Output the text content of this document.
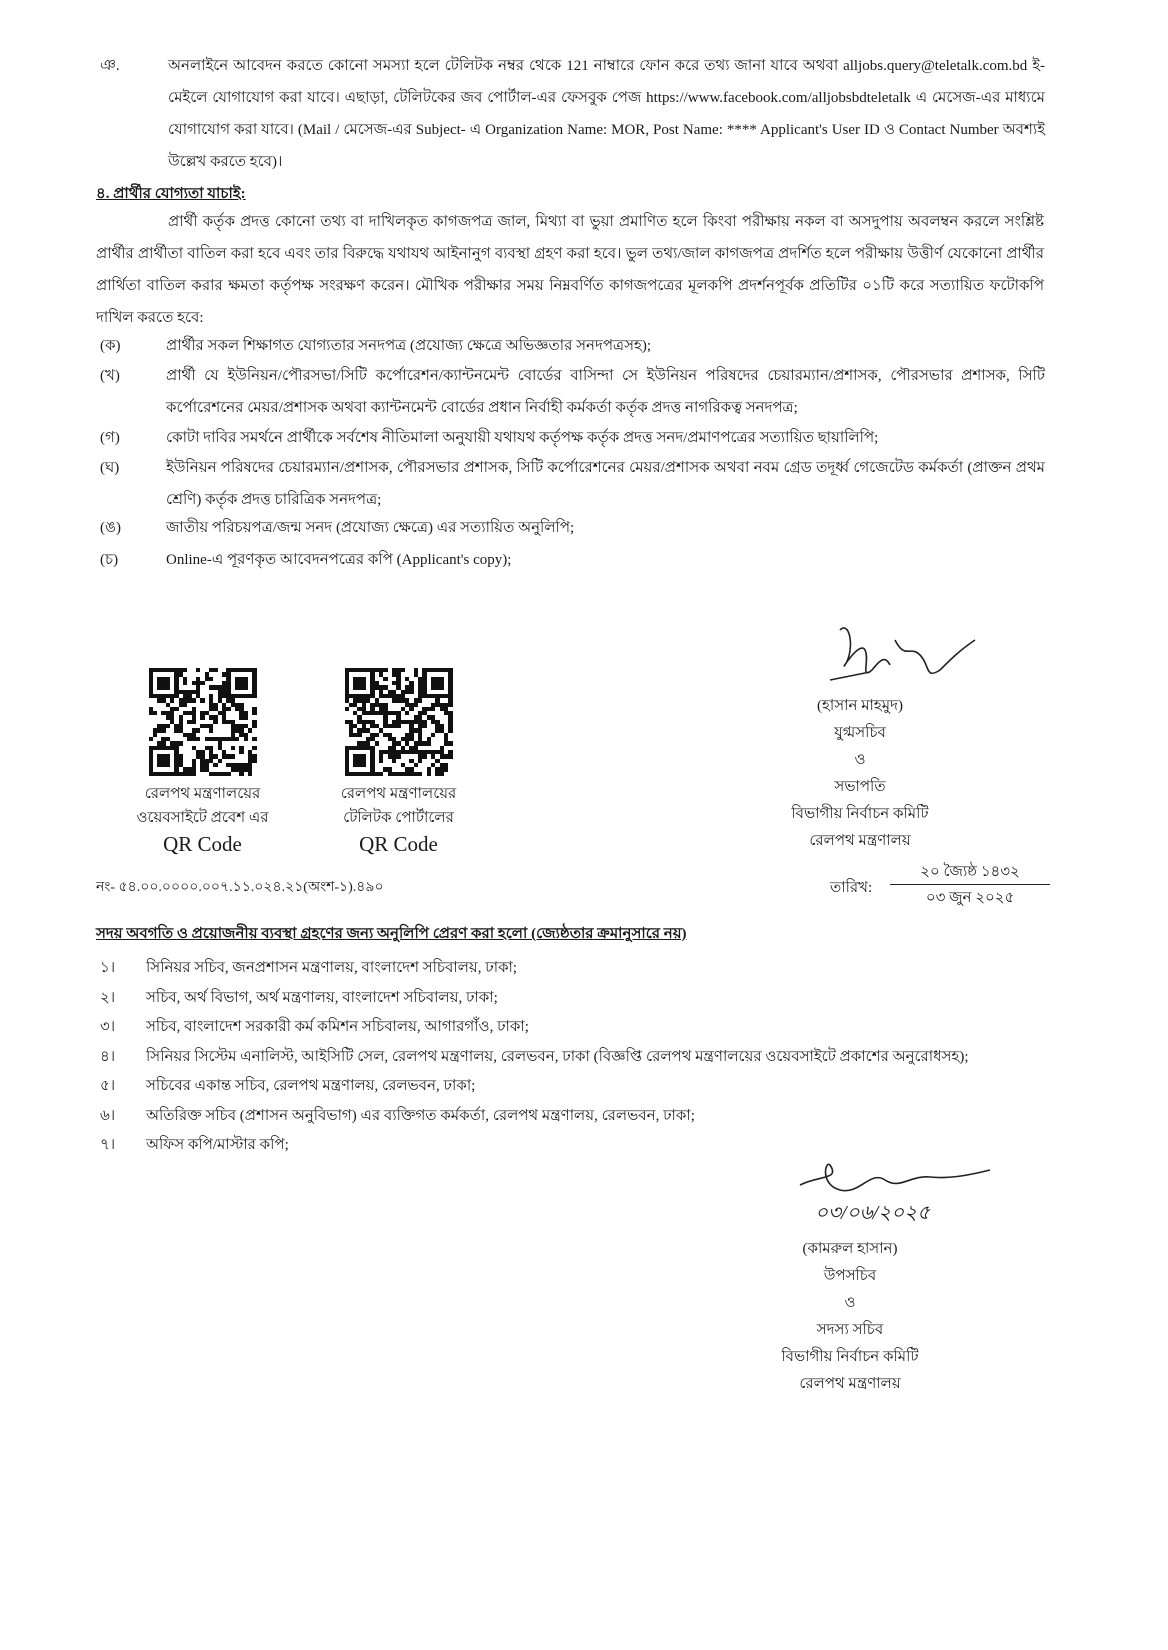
ঞ.	অনলাইনে আবেদন করতে কোনো সমস্যা হলে টেলিটক নম্বর থেকে 121 নাম্বারে ফোন করে তথ্য জানা যাবে অথবা alljobs.query@teletalk.com.bd ই-মেইলে যোগাযোগ করা যাবে। এছাড়া, টেলিটকের জব পোর্টাল-এর ফেসবুক পেজ https://www.facebook.com/alljobsbdteletalk এ মেসেজ-এর মাধ্যমে যোগাযোগ করা যাবে। (Mail / মেসেজ-এর Subject- এ Organization Name: MOR, Post Name: **** Applicant's User ID ও Contact Number অবশ্যই উল্লেখ করতে হবে)।
৪. প্রার্থীর যোগ্যতা যাচাই:
প্রার্থী কর্তৃক প্রদত্ত কোনো তথ্য বা দাখিলকৃত কাগজপত্র জাল, মিথ্যা বা ভুয়া প্রমাণিত হলে কিংবা পরীক্ষায় নকল বা অসদুপায় অবলম্বন করলে সংশ্লিষ্ট প্রার্থীর প্রার্থীতা বাতিল করা হবে এবং তার বিরুদ্ধে যথাযথ আইনানুগ ব্যবস্থা গ্রহণ করা হবে। ভুল তথ্য/জাল কাগজপত্র প্রদর্শিত হলে পরীক্ষায় উত্তীর্ণ যেকোনো প্রার্থীর প্রার্থিতা বাতিল করার ক্ষমতা কর্তৃপক্ষ সংরক্ষণ করেন। মৌখিক পরীক্ষার সময় নিম্নবর্ণিত কাগজপত্রের মূলকপি প্রদর্শনপূর্বক প্রতিটির ০১টি করে সত্যায়িত ফটোকপি দাখিল করতে হবে:
(ক)	প্রার্থীর সকল শিক্ষাগত যোগ্যতার সনদপত্র (প্রযোজ্য ক্ষেত্রে অভিজ্ঞতার সনদপত্রসহ);
(খ)	প্রার্থী যে ইউনিয়ন/পৌরসভা/সিটি কর্পোরেশন/ক্যান্টনমেন্ট বোর্ডের বাসিন্দা সে ইউনিয়ন পরিষদের চেয়ারম্যান/প্রশাসক, পৌরসভার প্রশাসক, সিটি কর্পোরেশনের মেয়র/প্রশাসক অথবা ক্যান্টনমেন্ট বোর্ডের প্রধান নির্বাহী কর্মকর্তা কর্তৃক প্রদত্ত নাগরিকত্ব সনদপত্র;
(গ)	কোটা দাবির সমর্থনে প্রার্থীকে সর্বশেষ নীতিমালা অনুযায়ী যথাযথ কর্তৃপক্ষ কর্তৃক প্রদত্ত সনদ/প্রমাণপত্রের সত্যায়িত ছায়ালিপি;
(ঘ)	ইউনিয়ন পরিষদের চেয়ারম্যান/প্রশাসক, পৌরসভার প্রশাসক, সিটি কর্পোরেশনের মেয়র/প্রশাসক অথবা নবম গ্রেড তদূর্ধ্ব গেজেটেড কর্মকর্তা (প্রাক্তন প্রথম শ্রেণি) কর্তৃক প্রদত্ত চারিত্রিক সনদপত্র;
(ঙ)	জাতীয় পরিচয়পত্র/জন্ম সনদ (প্রযোজ্য ক্ষেত্রে) এর সত্যায়িত অনুলিপি;
(চ)	Online-এ পূরণকৃত আবেদনপত্রের কপি (Applicant's copy);
রেলপথ মন্ত্রণালয়ের
ওয়েবসাইটে প্রবেশ এর
QR Code
রেলপথ মন্ত্রণালয়ের
টেলিটক পোর্টালের
QR Code
(হাসান মাহমুদ)
যুগ্মসচিব
ও
সভাপতি
বিভাগীয় নির্বাচন কমিটি
রেলপথ মন্ত্রণালয়
নং- ৫৪.০০.০০০০.০০৭.১১.০২৪.২১(অংশ-১).৪৯০	তারিখ:
২০ জ্যৈষ্ঠ ১৪৩২
০৩ জুন ২০২৫
সদয় অবগতি ও প্রয়োজনীয় ব্যবস্থা গ্রহণের জন্য অনুলিপি প্রেরণ করা হলো (জ্যেষ্ঠতার ক্রমানুসারে নয়)
১।	সিনিয়র সচিব, জনপ্রশাসন মন্ত্রণালয়, বাংলাদেশ সচিবালয়, ঢাকা;
২।	সচিব, অর্থ বিভাগ, অর্থ মন্ত্রণালয়, বাংলাদেশ সচিবালয়, ঢাকা;
৩।	সচিব, বাংলাদেশ সরকারী কর্ম কমিশন সচিবালয়, আগারগাঁও, ঢাকা;
৪।	সিনিয়র সিস্টেম এনালিস্ট, আইসিটি সেল, রেলপথ মন্ত্রণালয়, রেলভবন, ঢাকা (বিজ্ঞপ্তি রেলপথ মন্ত্রণালয়ের ওয়েবসাইটে প্রকাশের অনুরোধসহ);
৫।	সচিবের একান্ত সচিব, রেলপথ মন্ত্রণালয়, রেলভবন, ঢাকা;
৬।	অতিরিক্ত সচিব (প্রশাসন অনুবিভাগ) এর ব্যক্তিগত কর্মকর্তা, রেলপথ মন্ত্রণালয়, রেলভবন, ঢাকা;
৭।	অফিস কপি/মাস্টার কপি;
০৩/০৬/২০২৫
(কামরুল হাসান)
উপসচিব
ও
সদস্য সচিব
বিভাগীয় নির্বাচন কমিটি
রেলপথ মন্ত্রণালয়
